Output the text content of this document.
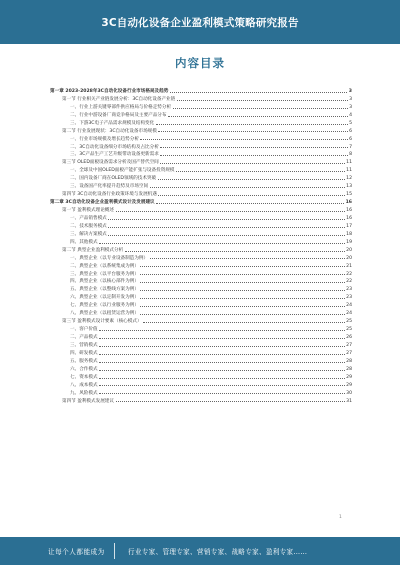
3C自动化设备企业盈利模式策略研究报告
内容目录
第一章 2023-2028年3C自动化设备行业市场格局及趋势	3
第一节 行业相关产业链发展分析：3C自动化设备产业链	3
一、行业上游关键零部件供应格局与价格走势分析	3
二、行业中游设备厂商竞争格局及主要产品分布	4
三、下游3C电子产品需求规模及结构变化	5
第二节 行业发展现状：3C自动化设备市场规模	6
一、行业市场规模及增长趋势分析	6
二、3C自动化设备细分市场结构及占比分析	7
三、3C产品生产工艺升级带动设备更新需求	8
第三节 OLED面板设备需求分析及国产替代空间	11
一、全球及中国OLED面板产能扩张与设备投资规模	11
二、国内设备厂商在OLED领域的技术突破	12
三、设备国产化率提升趋势及市场空间	13
第四节 3C自动化设备行业政策环境与发展机遇	15
第二章 3C自动化设备企业盈利模式设计及发展建议	16
第一节 盈利模式理论概述	16
一、产品销售模式	16
二、技术服务模式	17
三、解决方案模式	18
四、其他模式	19
第二节 典型企业盈利模式分析	20
一、典型企业（以专业设备制造为例）	20
二、典型企业（以系统集成为例）	21
三、典型企业（以平台服务为例）	22
四、典型企业（以核心部件为例）	22
五、典型企业（以整线方案为例）	23
六、典型企业（以定制开发为例）	23
七、典型企业（以行业服务为例）	24
八、典型企业（以租赁运营为例）	24
第三节 盈利模式设计要素（核心模式）	25
一、客户价值	25
二、产品模式	26
三、营销模式	27
四、研发模式	27
五、服务模式	28
六、合作模式	28
七、资本模式	29
八、成本模式	29
九、风险模式	30
第四节 盈利模式发展建议	31
1
让每个人都能成为	行业专家、管理专家、营销专家、战略专家、盈利专家……
